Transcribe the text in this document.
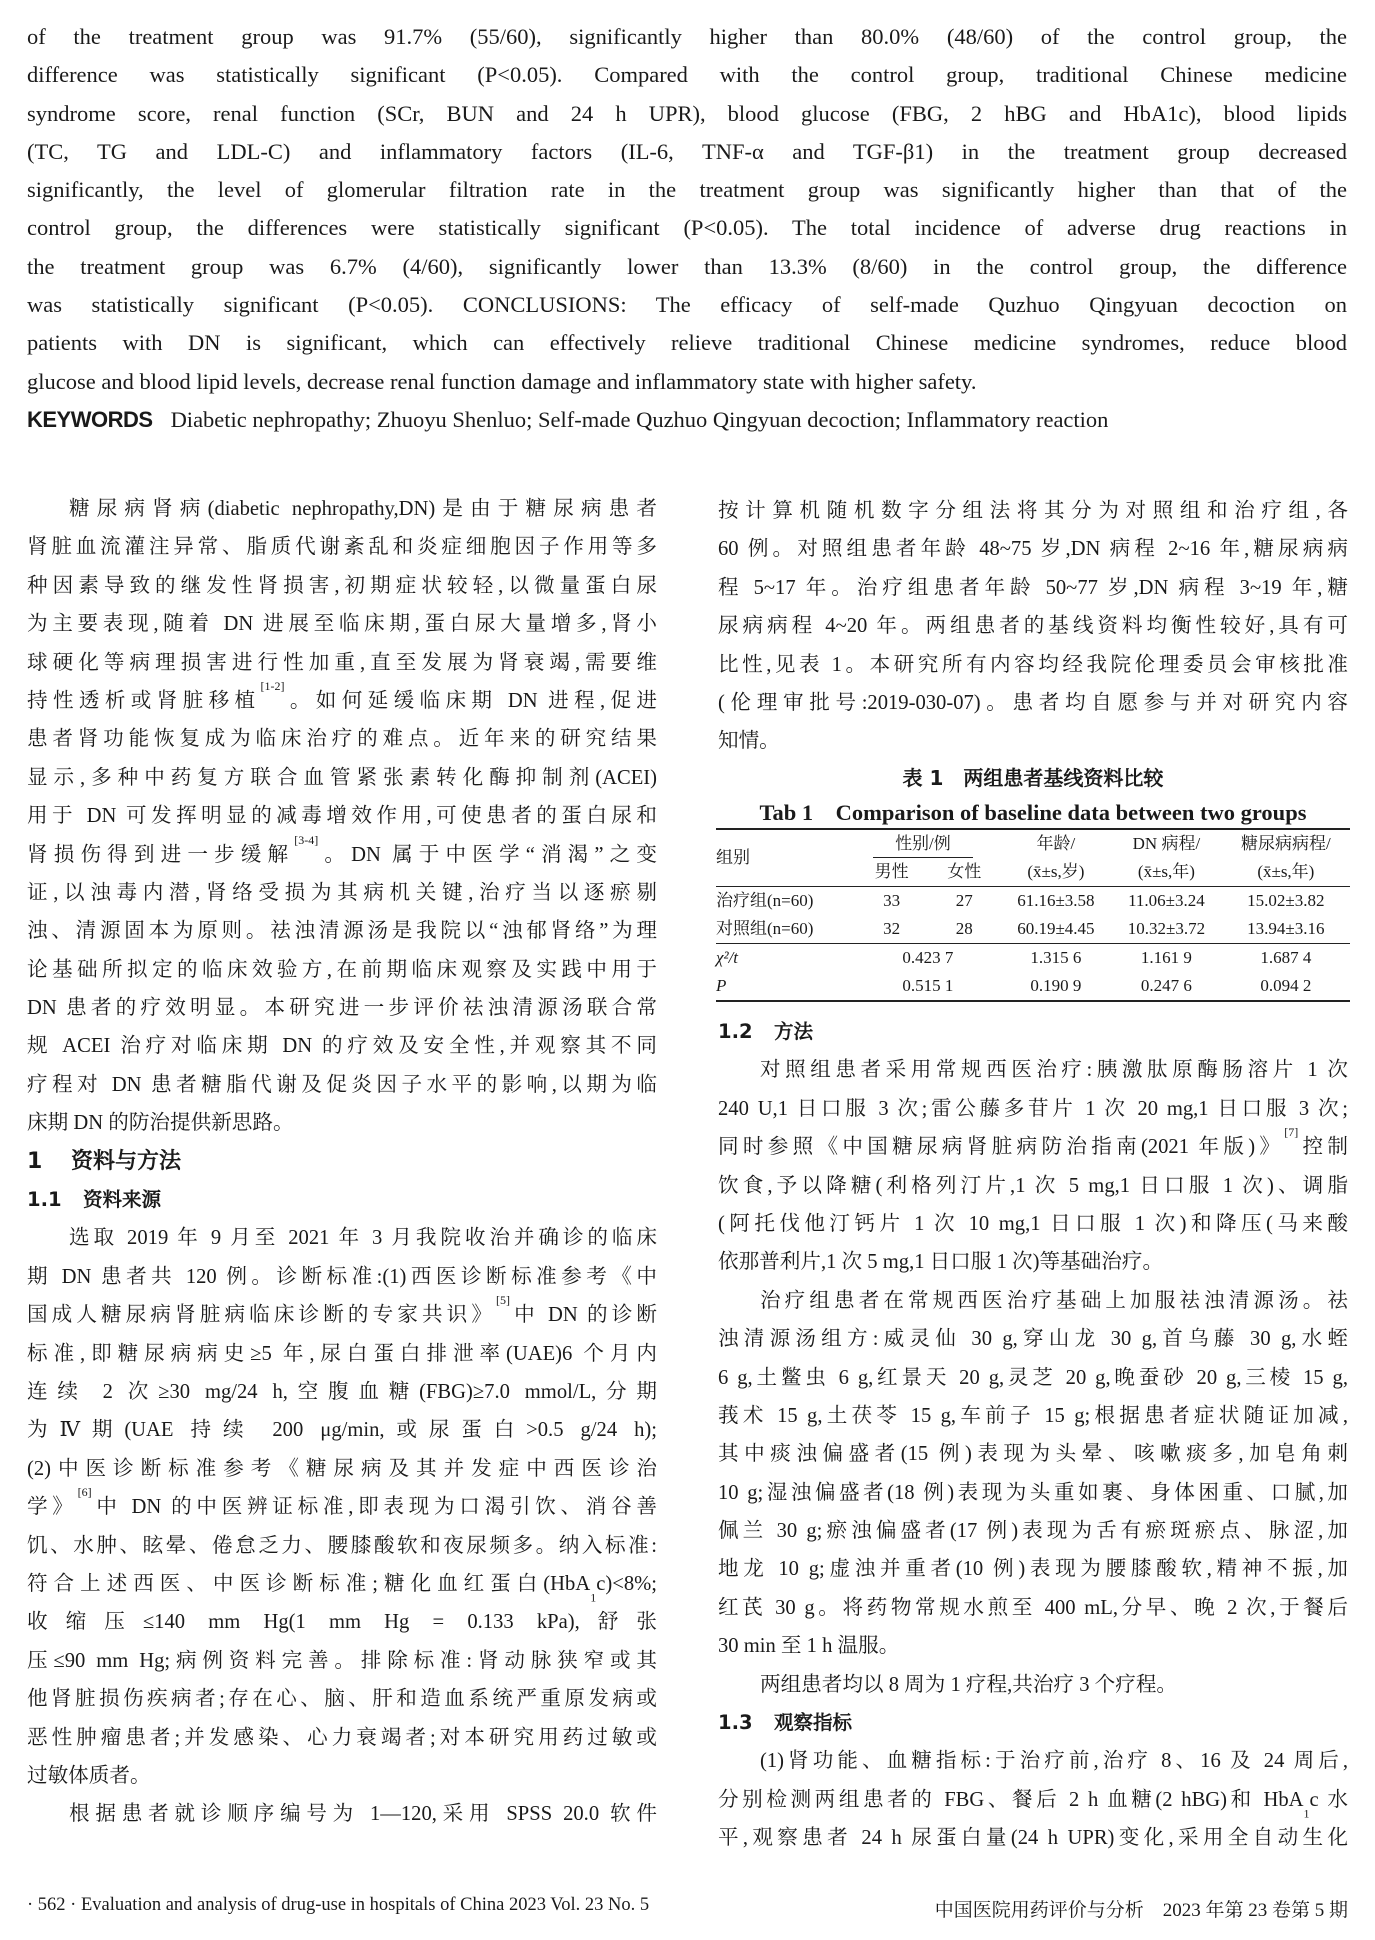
of the treatment group was 91.7% (55/60), significantly higher than 80.0% (48/60) of the control group, the
difference was statistically significant (P<0.05). Compared with the control group, traditional Chinese medicine
syndrome score, renal function (SCr, BUN and 24 h UPR), blood glucose (FBG, 2 hBG and HbA1c), blood lipids
(TC, TG and LDL-C) and inflammatory factors (IL-6, TNF-α and TGF-β1) in the treatment group decreased
significantly, the level of glomerular filtration rate in the treatment group was significantly higher than that of the
control group, the differences were statistically significant (P<0.05). The total incidence of adverse drug reactions in
the treatment group was 6.7% (4/60), significantly lower than 13.3% (8/60) in the control group, the difference
was statistically significant (P<0.05). CONCLUSIONS: The efficacy of self-made Quzhuo Qingyuan decoction on
patients with DN is significant, which can effectively relieve traditional Chinese medicine syndromes, reduce blood
glucose and blood lipid levels, decrease renal function damage and inflammatory state with higher safety.
KEYWORDS Diabetic nephropathy; Zhuoyu Shenluo; Self-made Quzhuo Qingyuan decoction; Inflammatory reaction
糖尿病肾病(diabetic nephropathy,DN)是由于糖尿病患者
肾脏血流灌注异常、脂质代谢紊乱和炎症细胞因子作用等多
种因素导致的继发性肾损害,初期症状较轻,以微量蛋白尿
为主要表现,随着 DN 进展至临床期,蛋白尿大量增多,肾小
球硬化等病理损害进行性加重,直至发展为肾衰竭,需要维
持性透析或肾脏移植[1-2]。如何延缓临床期 DN 进程,促进
患者肾功能恢复成为临床治疗的难点。近年来的研究结果
显示,多种中药复方联合血管紧张素转化酶抑制剂(ACEI)
用于 DN 可发挥明显的减毒增效作用,可使患者的蛋白尿和
肾损伤得到进一步缓解[3-4]。DN 属于中医学“消渴”之变
证,以浊毒内潜,肾络受损为其病机关键,治疗当以逐瘀剔
浊、清源固本为原则。祛浊清源汤是我院以“浊郁肾络”为理
论基础所拟定的临床效验方,在前期临床观察及实践中用于
DN 患者的疗效明显。本研究进一步评价祛浊清源汤联合常
规 ACEI 治疗对临床期 DN 的疗效及安全性,并观察其不同
疗程对 DN 患者糖脂代谢及促炎因子水平的影响,以期为临
床期 DN 的防治提供新思路。
1 资料与方法
1.1 资料来源
选取 2019 年 9 月至 2021 年 3 月我院收治并确诊的临床
期 DN 患者共 120 例。诊断标准:(1)西医诊断标准参考《中
国成人糖尿病肾脏病临床诊断的专家共识》[5]中 DN 的诊断
标准,即糖尿病病史≥5 年,尿白蛋白排泄率(UAE)6 个月内
连续 2 次≥30 mg/24 h,空腹血糖(FBG)≥7.0 mmol/L,分期
为Ⅳ期(UAE 持续 200 μg/min,或尿蛋白>0.5 g/24 h);
(2)中医诊断标准参考《糖尿病及其并发症中西医诊治
学》[6]中 DN 的中医辨证标准,即表现为口渴引饮、消谷善
饥、水肿、眩晕、倦怠乏力、腰膝酸软和夜尿频多。纳入标准:
符合上述西医、中医诊断标准;糖化血红蛋白(HbA1c)<8%;
收缩压≤140 mm Hg(1 mm Hg = 0.133 kPa),舒张
压≤90 mm Hg;病例资料完善。排除标准:肾动脉狭窄或其
他肾脏损伤疾病者;存在心、脑、肝和造血系统严重原发病或
恶性肿瘤患者;并发感染、心力衰竭者;对本研究用药过敏或
过敏体质者。
根据患者就诊顺序编号为 1—120,采用 SPSS 20.0 软件
按计算机随机数字分组法将其分为对照组和治疗组,各
60 例。对照组患者年龄 48~75 岁,DN 病程 2~16 年,糖尿病病
程 5~17 年。治疗组患者年龄 50~77 岁,DN 病程 3~19 年,糖
尿病病程 4~20 年。两组患者的基线资料均衡性较好,具有可
比性,见表 1。本研究所有内容均经我院伦理委员会审核批准
(伦理审批号:2019-030-07)。患者均自愿参与并对研究内容
知情。
表 1　两组患者基线资料比较
Tab 1　Comparison of baseline data between two groups
组别	性别/例		年龄/	DN 病程/	糖尿病病程/
	男性	女性	(x̄±s,岁)	(x̄±s,年)	(x̄±s,年)
治疗组(n=60)	33	27	61.16±3.58	11.06±3.24	15.02±3.82
对照组(n=60)	32	28	60.19±4.45	10.32±3.72	13.94±3.16
χ²/t	0.423 7		1.315 6	1.161 9	1.687 4
P	0.515 1		0.190 9	0.247 6	0.094 2
1.2 方法
对照组患者采用常规西医治疗:胰激肽原酶肠溶片 1 次
240 U,1 日口服 3 次;雷公藤多苷片 1 次 20 mg,1 日口服 3 次;
同时参照《中国糖尿病肾脏病防治指南(2021 年版)》[7]控制
饮食,予以降糖(利格列汀片,1 次 5 mg,1 日口服 1 次)、调脂
(阿托伐他汀钙片 1 次 10 mg,1 日口服 1 次)和降压(马来酸
依那普利片,1 次 5 mg,1 日口服 1 次)等基础治疗。
治疗组患者在常规西医治疗基础上加服祛浊清源汤。祛
浊清源汤组方:威灵仙 30 g,穿山龙 30 g,首乌藤 30 g,水蛭
6 g,土鳖虫 6 g,红景天 20 g,灵芝 20 g,晚蚕砂 20 g,三棱 15 g,
莪术 15 g,土茯苓 15 g,车前子 15 g;根据患者症状随证加减,
其中痰浊偏盛者(15 例)表现为头晕、咳嗽痰多,加皂角刺
10 g;湿浊偏盛者(18 例)表现为头重如裹、身体困重、口腻,加
佩兰 30 g;瘀浊偏盛者(17 例)表现为舌有瘀斑瘀点、脉涩,加
地龙 10 g;虚浊并重者(10 例)表现为腰膝酸软,精神不振,加
红芪 30 g。将药物常规水煎至 400 mL,分早、晚 2 次,于餐后
30 min 至 1 h 温服。
两组患者均以 8 周为 1 疗程,共治疗 3 个疗程。
1.3 观察指标
(1)肾功能、血糖指标:于治疗前,治疗 8、16 及 24 周后,
分别检测两组患者的 FBG、餐后 2 h 血糖(2 hBG)和 HbA1c 水
平,观察患者 24 h 尿蛋白量(24 h UPR)变化,采用全自动生化
· 562 · Evaluation and analysis of drug-use in hospitals of China 2023 Vol. 23 No. 5	中国医院用药评价与分析　2023 年第 23 卷第 5 期
